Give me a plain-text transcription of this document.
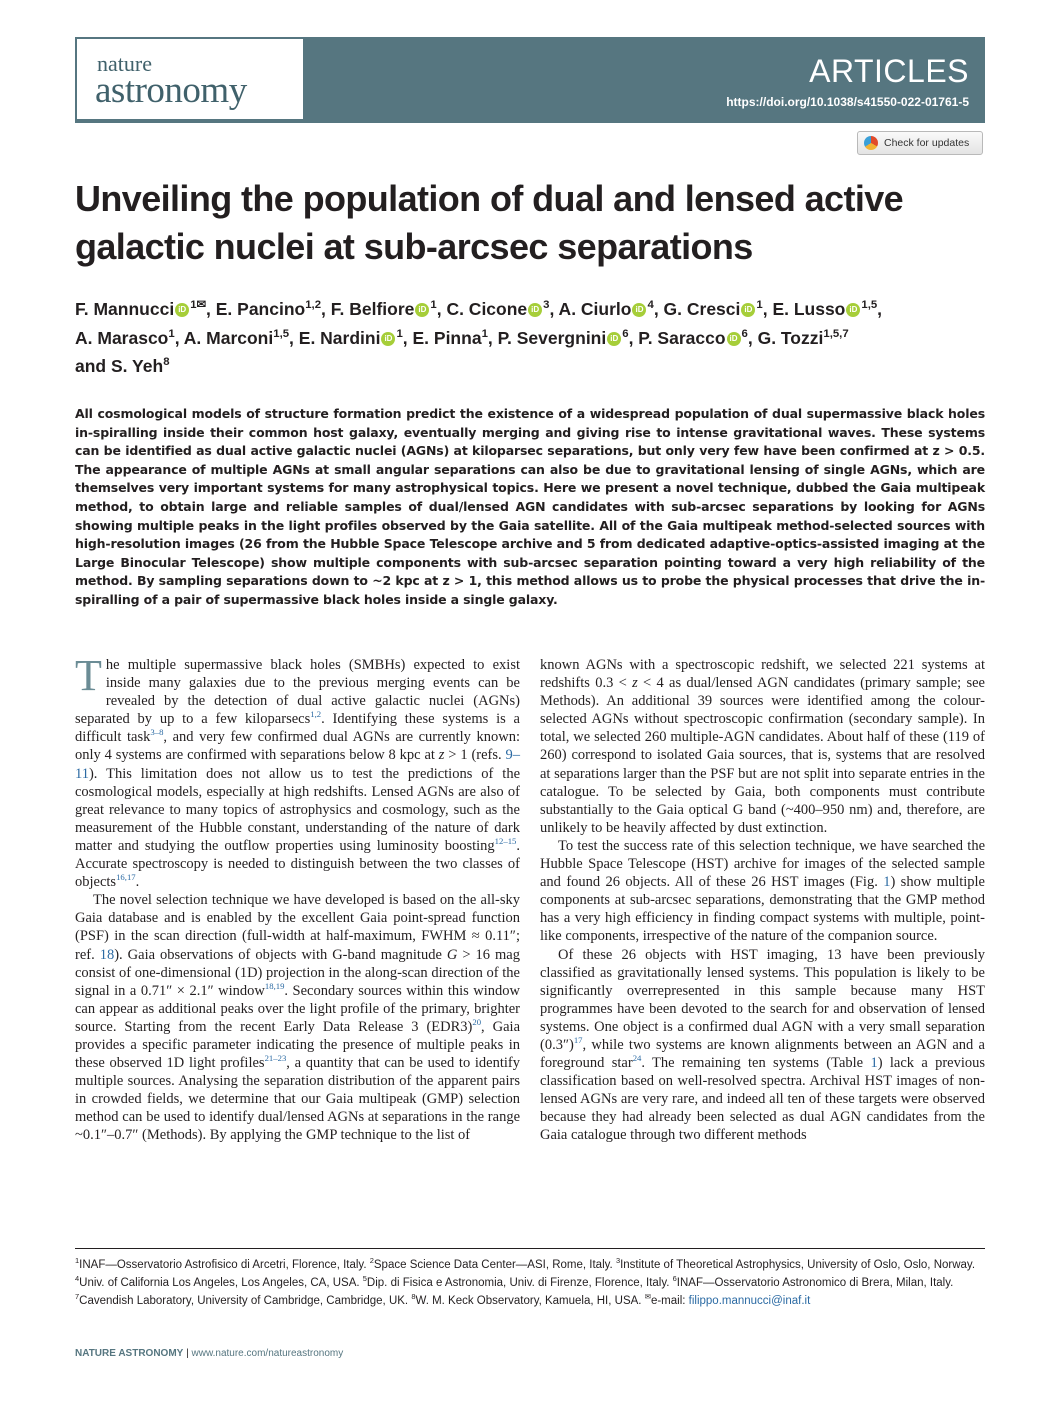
nature
astronomy	ARTICLES
https://doi.org/10.1038/s41550-022-01761-5
Check for updates
Unveiling the population of dual and lensed active galactic nuclei at sub-arcsec separations
F. Mannucci iD $^{1✉}$, E. Pancino$^{1,2}$, F. Belfiore iD $^1$, C. Cicone iD $^3$, A. Ciurlo iD $^4$, G. Cresci iD $^1$, E. Lusso iD $^{1,5}$,
A. Marasco$^1$, A. Marconi$^{1,5}$, E. Nardini iD $^1$, E. Pinna$^1$, P. Severgnini iD $^6$, P. Saracco iD $^6$, G. Tozzi$^{1,5,7}$
and S. Yeh$^8$
All cosmological models of structure formation predict the existence of a widespread population of dual supermassive black holes in-spiralling inside their common host galaxy, eventually merging and giving rise to intense gravitational waves. These systems can be identified as dual active galactic nuclei (AGNs) at kiloparsec separations, but only very few have been confirmed at z > 0.5. The appearance of multiple AGNs at small angular separations can also be due to gravitational lensing of single AGNs, which are themselves very important systems for many astrophysical topics. Here we present a novel technique, dubbed the Gaia multipeak method, to obtain large and reliable samples of dual/lensed AGN candidates with sub-arcsec separations by looking for AGNs showing multiple peaks in the light profiles observed by the Gaia satellite. All of the Gaia multipeak method-selected sources with high-resolution images (26 from the Hubble Space Telescope archive and 5 from dedicated adaptive-optics-assisted imaging at the Large Binocular Telescope) show multiple components with sub-arcsec separation pointing toward a very high reliability of the method. By sampling separations down to ~2 kpc at z > 1, this method allows us to probe the physical processes that drive the in-spiralling of a pair of supermassive black holes inside a single galaxy.

The multiple supermassive black holes (SMBHs) expected to exist inside many galaxies due to the previous merging events can be revealed by the detection of dual active galactic nuclei (AGNs) separated by up to a few kiloparsecs$^{1,2}$. Identifying these systems is a difficult task$^{3-8}$, and very few confirmed dual AGNs are currently known: only 4 systems are confirmed with separations below 8 kpc at z > 1 (refs. 9–11). This limitation does not allow us to test the predictions of the cosmological models, especially at high redshifts. Lensed AGNs are also of great relevance to many topics of astrophysics and cosmology, such as the measurement of the Hubble constant, understanding of the nature of dark matter and studying the outflow properties using luminosity boosting$^{12-15}$. Accurate spectroscopy is needed to distinguish between the two classes of objects$^{16,17}$.

The novel selection technique we have developed is based on the all-sky Gaia database and is enabled by the excellent Gaia point-spread function (PSF) in the scan direction (full-width at half-maximum, FWHM ≈ 0.11″; ref. 18). Gaia observations of objects with G-band magnitude G > 16 mag consist of one-dimensional (1D) projection in the along-scan direction of the signal in a 0.71″ × 2.1″ window$^{18,19}$. Secondary sources within this window can appear as additional peaks over the light profile of the primary, brighter source. Starting from the recent Early Data Release 3 (EDR3)$^{20}$, Gaia provides a specific parameter indicating the presence of multiple peaks in these observed 1D light profiles$^{21-23}$, a quantity that can be used to identify multiple sources. Analysing the separation distribution of the apparent pairs in crowded fields, we determine that our Gaia multipeak (GMP) selection method can be used to identify dual/lensed AGNs at separations in the range ~0.1″–0.7″ (Methods). By applying the GMP technique to the list of

known AGNs with a spectroscopic redshift, we selected 221 systems at redshifts 0.3 < z < 4 as dual/lensed AGN candidates (primary sample; see Methods). An additional 39 sources were identified among the colour-selected AGNs without spectroscopic confirmation (secondary sample). In total, we selected 260 multiple-AGN candidates. About half of these (119 of 260) correspond to isolated Gaia sources, that is, systems that are resolved at separations larger than the PSF but are not split into separate entries in the catalogue. To be selected by Gaia, both components must contribute substantially to the Gaia optical G band (~400–950 nm) and, therefore, are unlikely to be heavily affected by dust extinction.

To test the success rate of this selection technique, we have searched the Hubble Space Telescope (HST) archive for images of the selected sample and found 26 objects. All of these 26 HST images (Fig. 1) show multiple components at sub-arcsec separations, demonstrating that the GMP method has a very high efficiency in finding compact systems with multiple, point-like components, irrespective of the nature of the companion source.

Of these 26 objects with HST imaging, 13 have been previously classified as gravitationally lensed systems. This population is likely to be significantly overrepresented in this sample because many HST programmes have been devoted to the search for and observation of lensed systems. One object is a confirmed dual AGN with a very small separation (0.3″)$^{17}$, while two systems are known alignments between an AGN and a foreground star$^{24}$. The remaining ten systems (Table 1) lack a previous classification based on well-resolved spectra. Archival HST images of non-lensed AGNs are very rare, and indeed all ten of these targets were observed because they had already been selected as dual AGN candidates from the Gaia catalogue through two different methods

$^1$INAF—Osservatorio Astrofisico di Arcetri, Florence, Italy. $^2$Space Science Data Center—ASI, Rome, Italy. $^3$Institute of Theoretical Astrophysics, University of Oslo, Oslo, Norway. $^4$Univ. of California Los Angeles, Los Angeles, CA, USA. $^5$Dip. di Fisica e Astronomia, Univ. di Firenze, Florence, Italy. $^6$INAF—Osservatorio Astronomico di Brera, Milan, Italy. $^7$Cavendish Laboratory, University of Cambridge, Cambridge, UK. $^8$W. M. Keck Observatory, Kamuela, HI, USA. ✉e-mail: filippo.mannucci@inaf.it
NATURE ASTRONOMY | www.nature.com/natureastronomy
